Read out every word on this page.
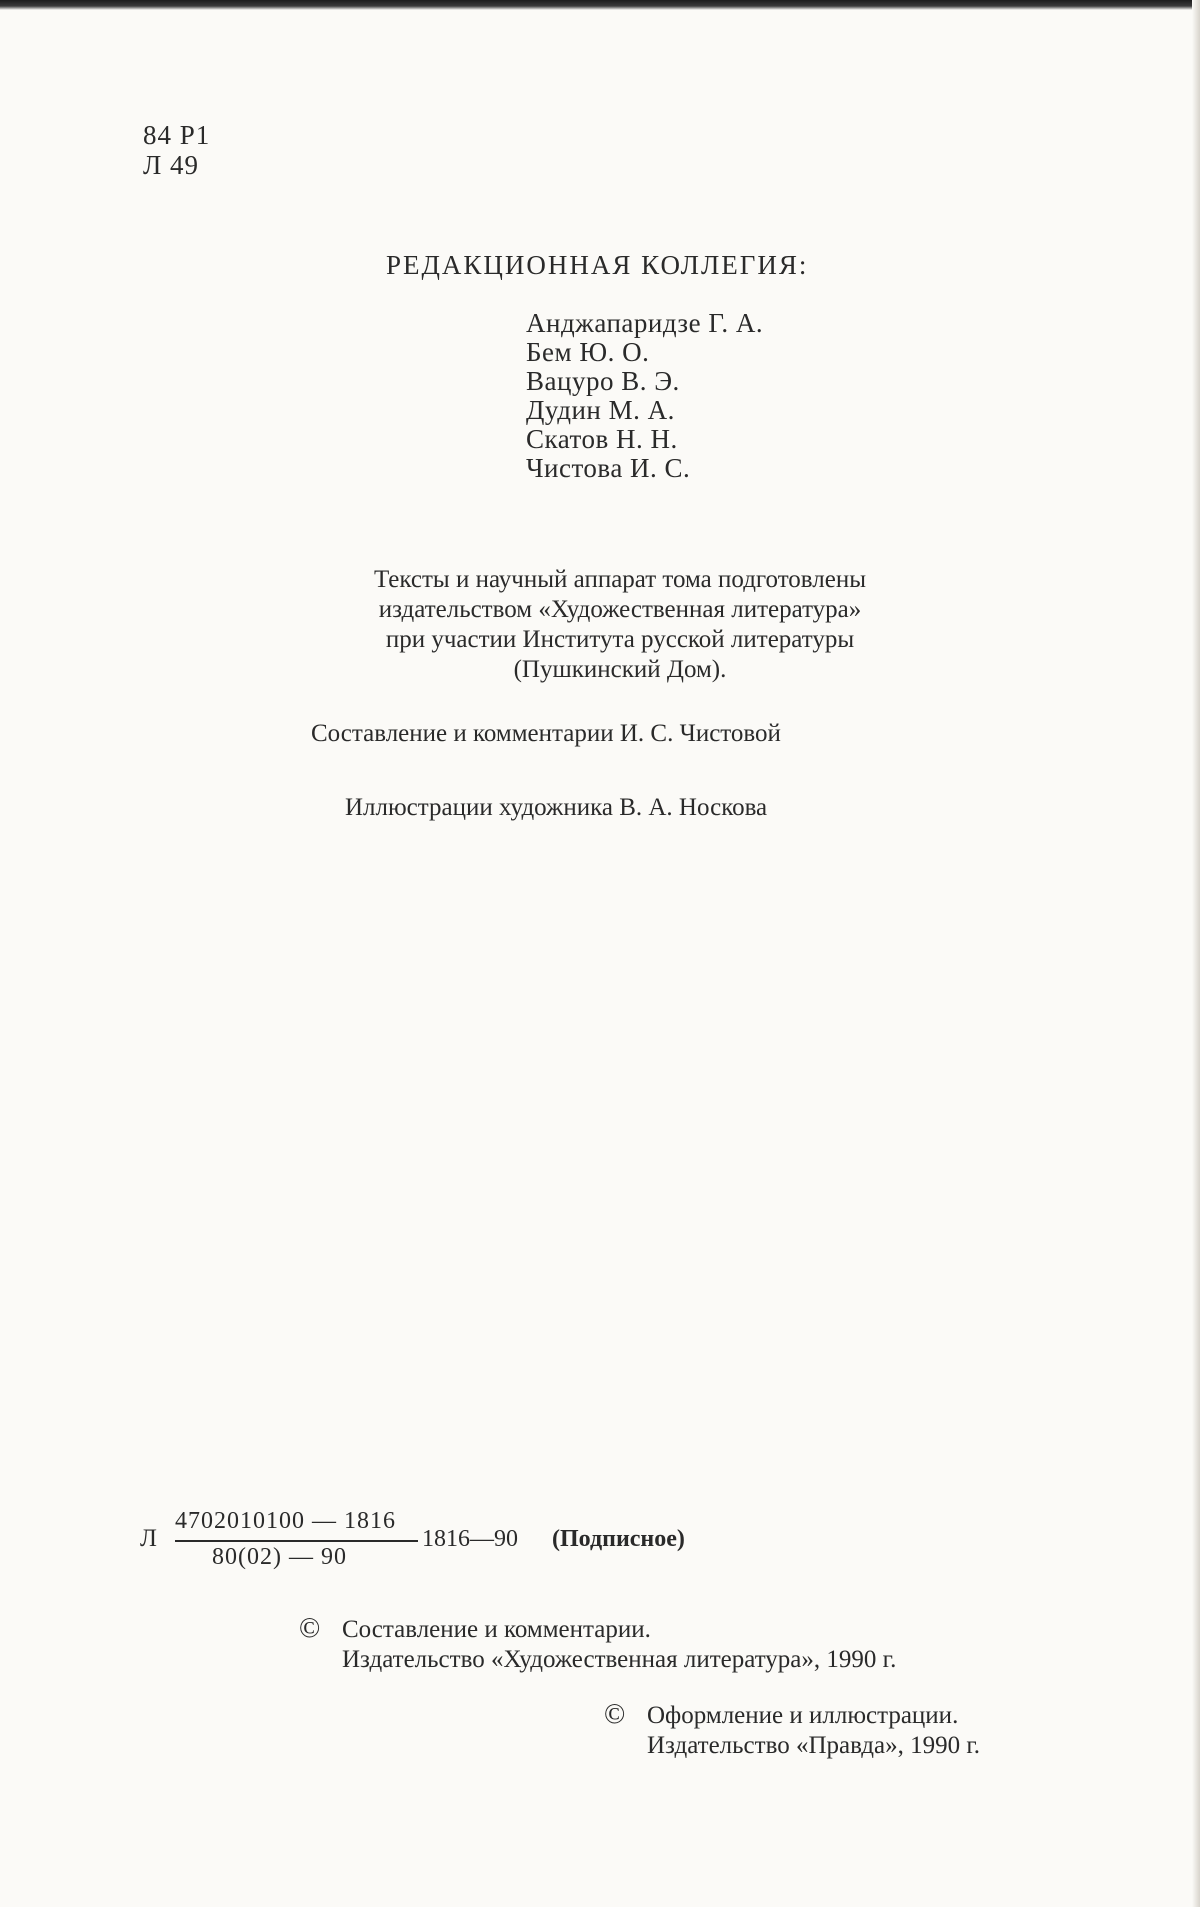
84 Р1
Л 49
РЕДАКЦИОННАЯ КОЛЛЕГИЯ:
Анджапаридзе Г. А.
Бем Ю. О.
Вацуро В. Э.
Дудин М. А.
Скатов Н. Н.
Чистова И. С.
Тексты и научный аппарат тома подготовлены
издательством «Художественная литература»
при участии Института русской литературы
(Пушкинский Дом).
Составление и комментарии И. С. Чистовой
Иллюстрации художника В. А. Носкова
Л
4702010100 — 1816
80(02) — 90
1816—90 (Подписное)
© Составление и комментарии.
Издательство «Художественная литература», 1990 г.
© Оформление и иллюстрации.
Издательство «Правда», 1990 г.
